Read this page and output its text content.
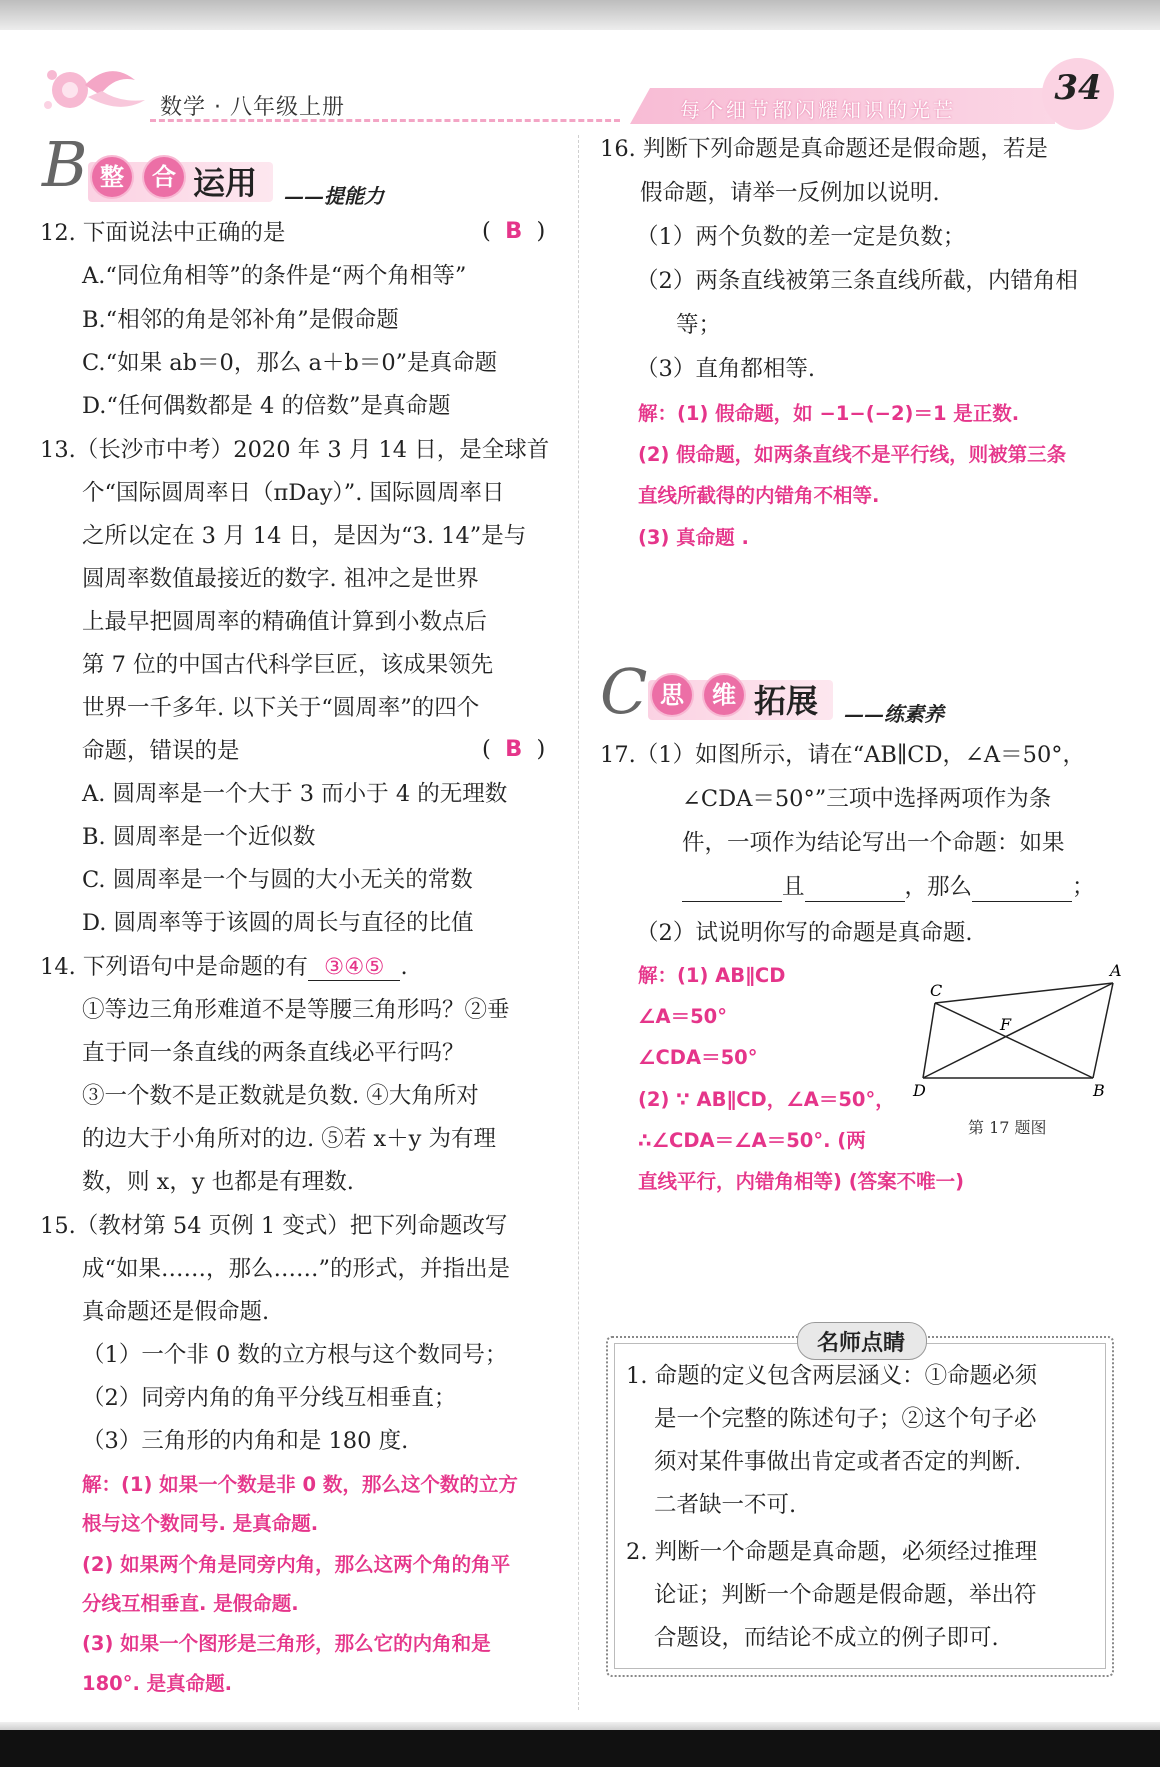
数学 · 八年级上册	每个细节都闪耀知识的光芒
34
B 整	合 运用 ——提能力
12. 下面说法中正确的是	(  B  )
A.“同位角相等”的条件是“两个角相等”
B.“相邻的角是邻补角”是假命题
C.“如果 ab＝0，那么 a＋b＝0”是真命题
D.“任何偶数都是 4 的倍数”是真命题
13.（长沙市中考）2020 年 3 月 14 日，是全球首
个“国际圆周率日（πDay）”. 国际圆周率日
之所以定在 3 月 14 日，是因为“3. 14”是与
圆周率数值最接近的数字. 祖冲之是世界
上最早把圆周率的精确值计算到小数点后
第 7 位的中国古代科学巨匠，该成果领先
世界一千多年. 以下关于“圆周率”的四个
命题，错误的是	(  B  )
A. 圆周率是一个大于 3 而小于 4 的无理数
B. 圆周率是一个近似数
C. 圆周率是一个与圆的大小无关的常数
D. 圆周率等于该圆的周长与直径的比值
14. 下列语句中是命题的有 ③④⑤ .
①等边三角形难道不是等腰三角形吗？②垂
直于同一条直线的两条直线必平行吗？
③一个数不是正数就是负数. ④大角所对
的边大于小角所对的边. ⑤若 x＋y 为有理
数，则 x，y 也都是有理数.
15.（教材第 54 页例 1 变式）把下列命题改写
成“如果……，那么……”的形式，并指出是
真命题还是假命题.
（1）一个非 0 数的立方根与这个数同号；
（2）同旁内角的角平分线互相垂直；
（3）三角形的内角和是 180 度.
解：(1) 如果一个数是非 0 数，那么这个数的立方
根与这个数同号. 是真命题.
(2) 如果两个角是同旁内角，那么这两个角的角平
分线互相垂直. 是假命题.
(3) 如果一个图形是三角形，那么它的内角和是
180°. 是真命题.
16. 判断下列命题是真命题还是假命题，若是
假命题，请举一反例加以说明.
（1）两个负数的差一定是负数；
（2）两条直线被第三条直线所截，内错角相
等；
（3）直角都相等.
解：(1) 假命题，如 −1−(−2)＝1 是正数.
(2) 假命题，如两条直线不是平行线，则被第三条
直线所截得的内错角不相等.
(3) 真命题 .
C 思	维 拓展 ——练素养
17.（1）如图所示，请在“AB∥CD，∠A＝50°，
∠CDA＝50°”三项中选择两项作为条
件，一项作为结论写出一个命题：如果
且	，那么	；
（2）试说明你写的命题是真命题.
解：(1) AB∥CD
∠A＝50°
∠CDA＝50°
(2) ∵ AB∥CD，∠A＝50°，
∴∠CDA＝∠A＝50°. (两
直线平行，内错角相等) (答案不唯一)
A
B
C
D
F
第 17 题图
名师点睛
1. 命题的定义包含两层涵义：①命题必须
是一个完整的陈述句子；②这个句子必
须对某件事做出肯定或者否定的判断.
二者缺一不可.
2. 判断一个命题是真命题，必须经过推理
论证；判断一个命题是假命题，举出符
合题设，而结论不成立的例子即可.
